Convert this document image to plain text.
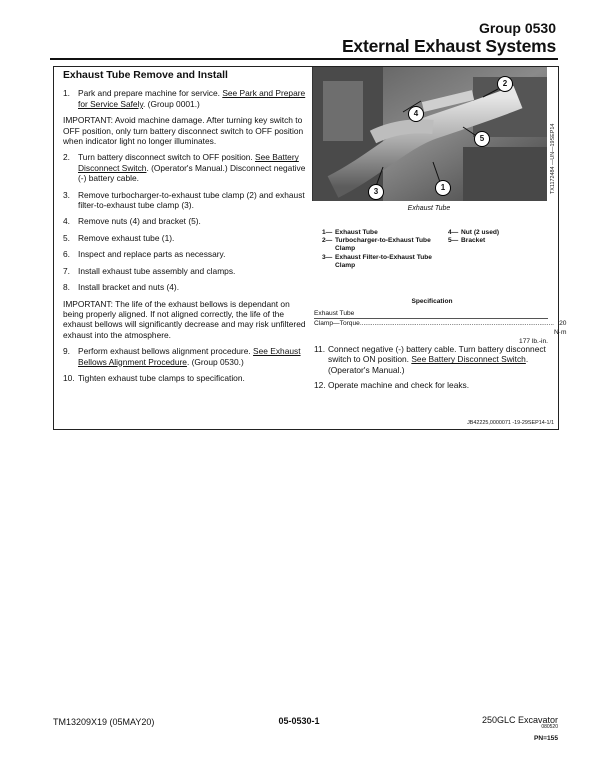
Group 0530
External Exhaust Systems
Exhaust Tube Remove and Install
1. Park and prepare machine for service. See Park and Prepare for Service Safely. (Group 0001.)
IMPORTANT: Avoid machine damage. After turning key switch to OFF position, only turn battery disconnect switch to OFF position when indicator light no longer illuminates.
2. Turn battery disconnect switch to OFF position. See Battery Disconnect Switch. (Operator's Manual.) Disconnect negative (-) battery cable.
3. Remove turbocharger-to-exhaust tube clamp (2) and exhaust filter-to-exhaust tube clamp (3).
4. Remove nuts (4) and bracket (5).
5. Remove exhaust tube (1).
6. Inspect and replace parts as necessary.
7. Install exhaust tube assembly and clamps.
8. Install bracket and nuts (4).
IMPORTANT: The life of the exhaust bellows is dependant on being properly aligned. If not aligned correctly, the life of the exhaust bellows will significantly decrease and may risk unfiltered exhaust into the atmosphere.
9. Perform exhaust bellows alignment procedure. See Exhaust Bellows Alignment Procedure. (Group 0530.)
10. Tighten exhaust tube clamps to specification.
2
4
5
3	1	TX1172484 —UN—19SEP14
Exhaust Tube
1— Exhaust Tube
2— Turbocharger-to-Exhaust Tube Clamp
3— Exhaust Filter-to-Exhaust Tube Clamp
4— Nut (2 used)
5— Bracket
Specification
Exhaust Tube
Clamp—Torque.......................................................................................................... 20 N·m
177 lb.-in.
11. Connect negative (-) battery cable. Turn battery disconnect switch to ON position. See Battery Disconnect Switch. (Operator's Manual.)
12. Operate machine and check for leaks.
JB42225,0000071 -19-29SEP14-1/1
TM13209X19 (05MAY20)	05-0530-1	250GLC Excavator
080520
PN=155
